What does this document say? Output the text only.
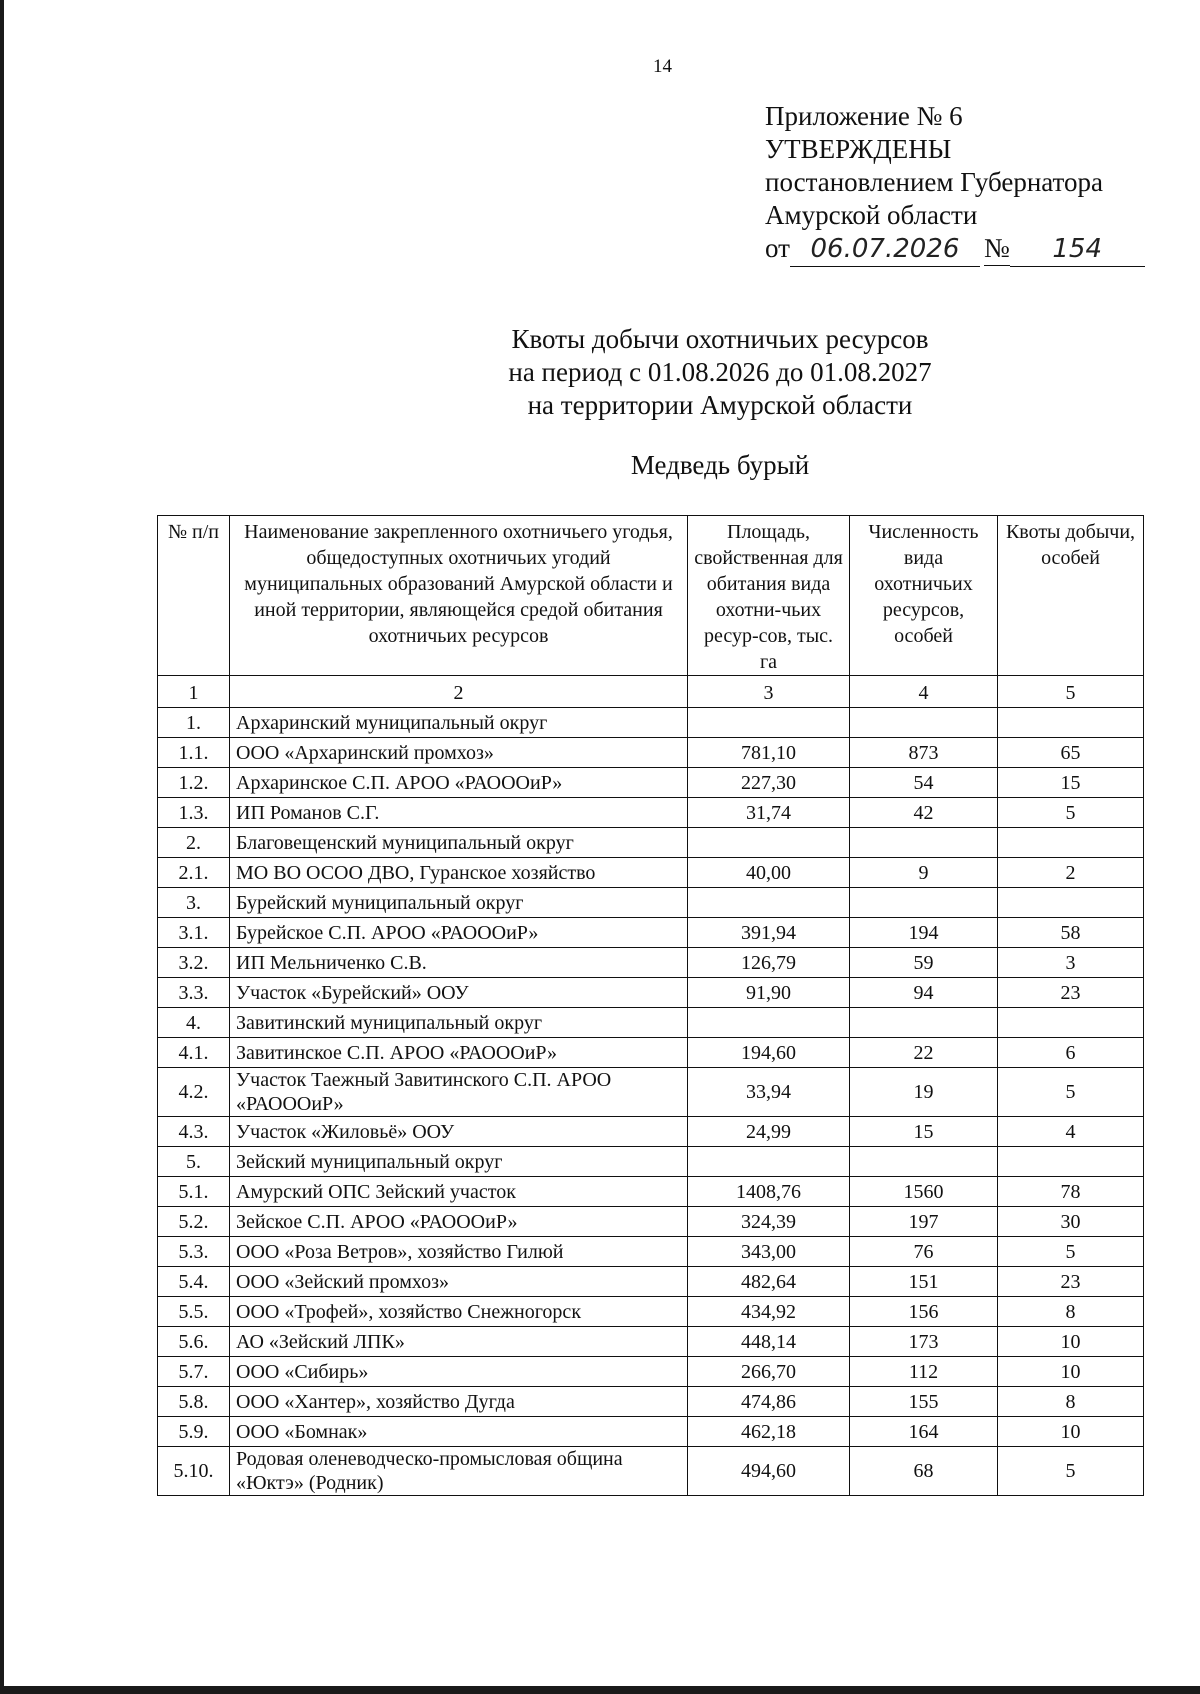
14
Приложение № 6
УТВЕРЖДЕНЫ
постановлением Губернатора
Амурской области
от 06.07.2026 №	154
Квоты добычи охотничьих ресурсов
на период с 01.08.2026 до 01.08.2027
на территории Амурской области
Медведь бурый
№ п/п	Наименование закрепленного охотничьего угодья, общедоступных охотничьих угодий муниципальных образований Амурской области и иной территории, являющейся средой обитания охотничьих ресурсов	Площадь, свойственная для обитания вида охотни-чьих ресур-сов, тыс. га	Численность вида охотничьих ресурсов, особей	Квоты добычи, особей
1	2	3	4	5
1.	Архаринский муниципальный округ			
1.1.	ООО «Архаринский промхоз»	781,10	873	65
1.2.	Архаринское С.П. АРОО «РАОООиР»	227,30	54	15
1.3.	ИП Романов С.Г.	31,74	42	5
2.	Благовещенский муниципальный округ			
2.1.	МО ВО ОСОО ДВО, Гуранское хозяйство	40,00	9	2
3.	Бурейский муниципальный округ			
3.1.	Бурейское С.П. АРОО «РАОООиР»	391,94	194	58
3.2.	ИП Мельниченко С.В.	126,79	59	3
3.3.	Участок «Бурейский» ООУ	91,90	94	23
4.	Завитинский муниципальный округ			
4.1.	Завитинское С.П. АРОО «РАОООиР»	194,60	22	6
4.2.	Участок Таежный Завитинского С.П. АРОО «РАОООиР»	33,94	19	5
4.3.	Участок «Жиловьё» ООУ	24,99	15	4
5.	Зейский муниципальный округ			
5.1.	Амурский ОПС Зейский участок	1408,76	1560	78
5.2.	Зейское С.П. АРОО «РАОООиР»	324,39	197	30
5.3.	ООО «Роза Ветров», хозяйство Гилюй	343,00	76	5
5.4.	ООО «Зейский промхоз»	482,64	151	23
5.5.	ООО «Трофей», хозяйство Снежногорск	434,92	156	8
5.6.	АО «Зейский ЛПК»	448,14	173	10
5.7.	ООО «Сибирь»	266,70	112	10
5.8.	ООО «Хантер», хозяйство Дугда	474,86	155	8
5.9.	ООО «Бомнак»	462,18	164	10
5.10.	Родовая оленеводческо-промысловая община «Юктэ» (Родник)	494,60	68	5
